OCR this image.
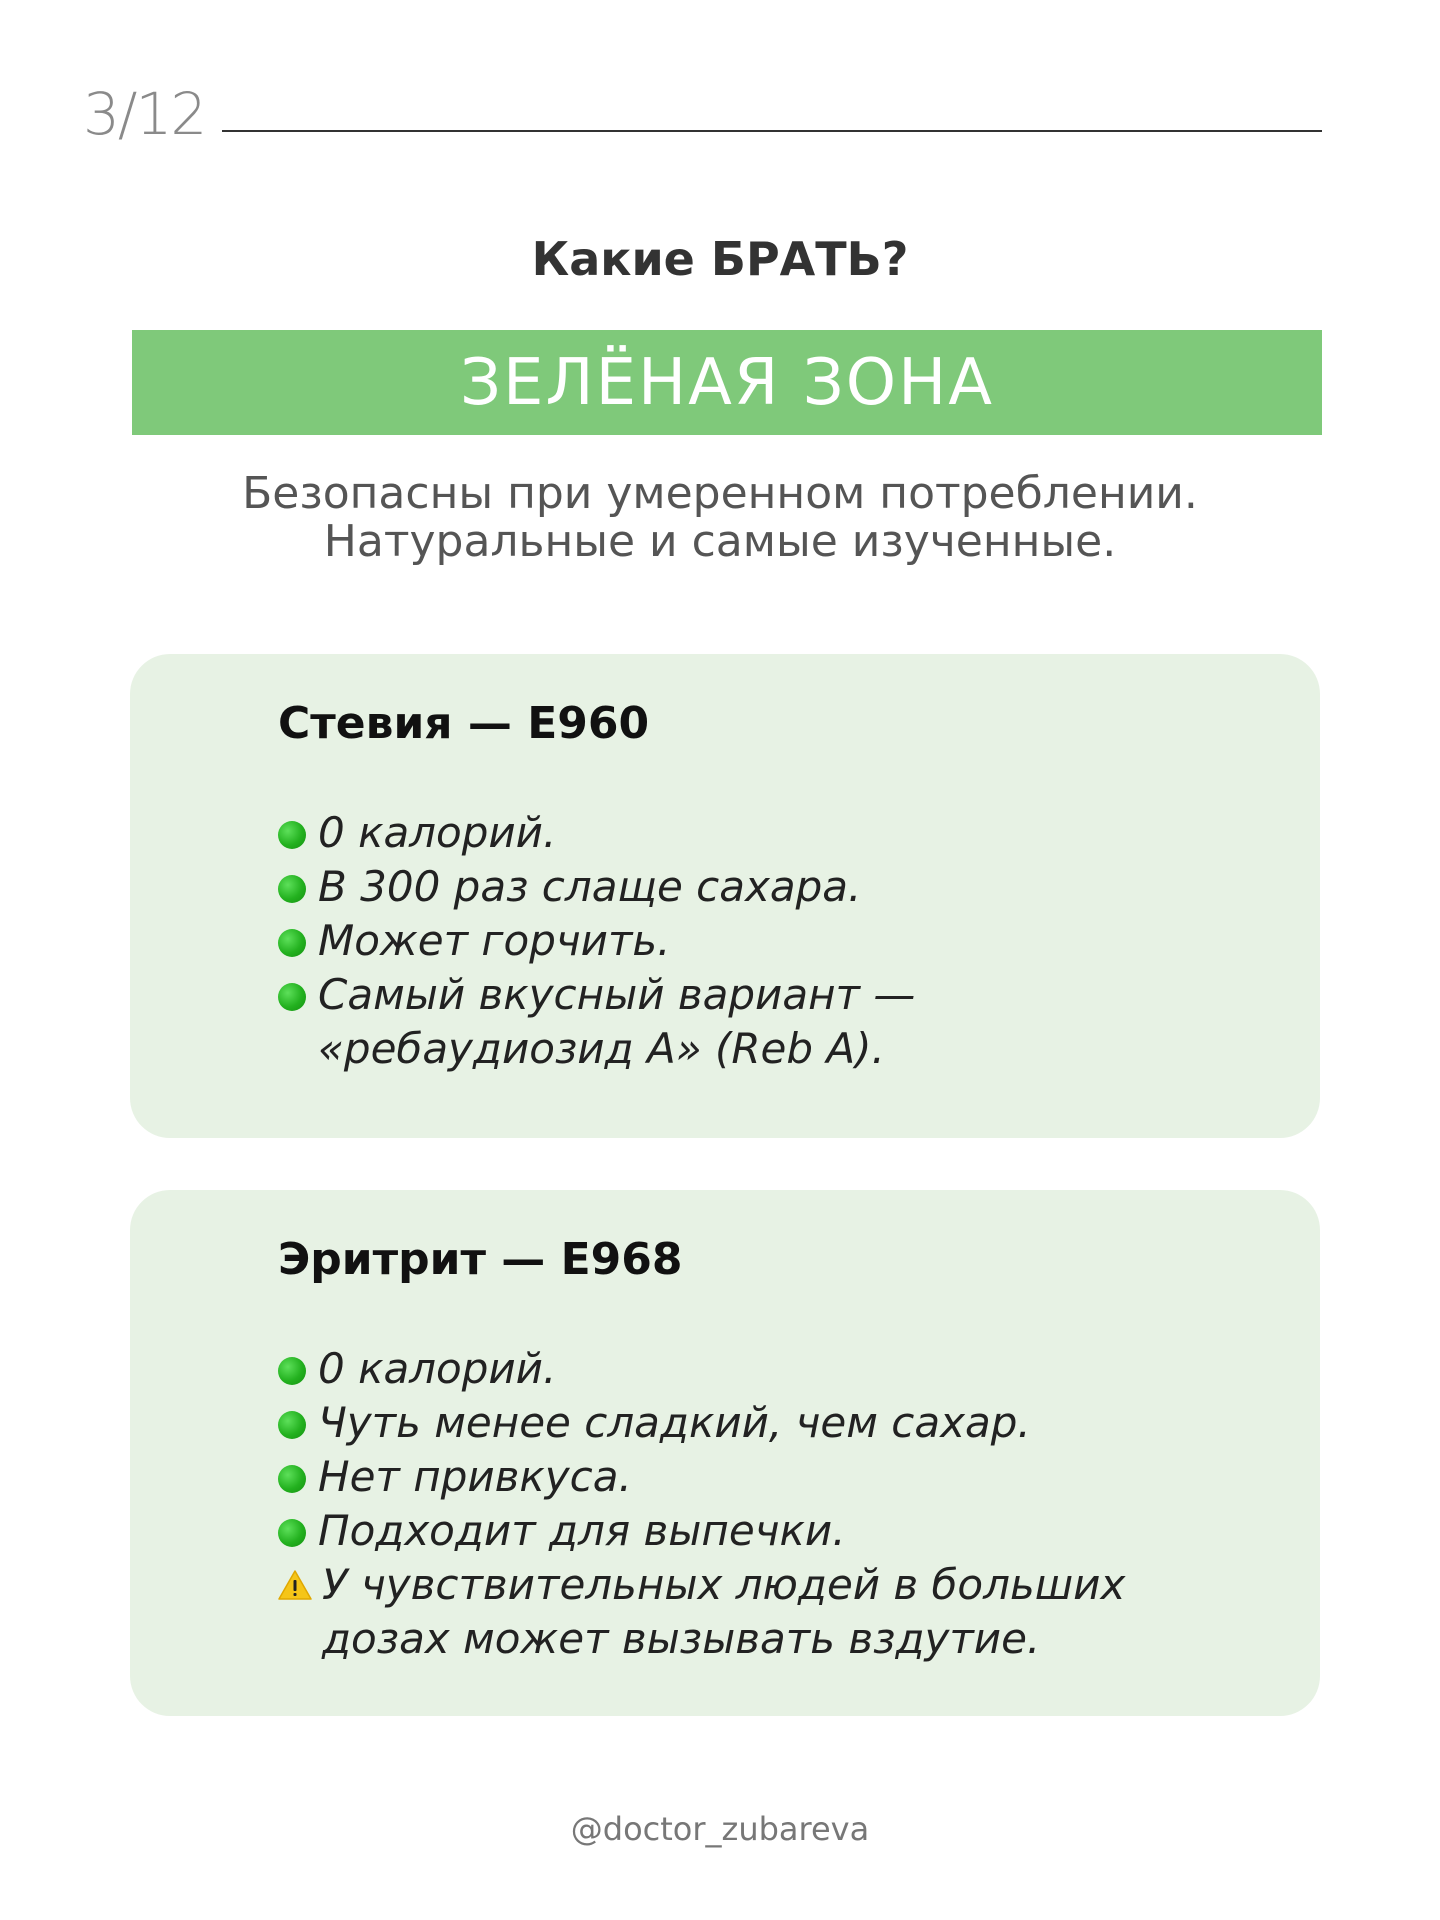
3/12
Какие БРАТЬ?
ЗЕЛЁНАЯ ЗОНА
Безопасны при умеренном потреблении.
Натуральные и самые изученные.
Стевия — Е960
0 калорий.
В 300 раз слаще сахара.
Может горчить.
Самый вкусный вариант — «ребаудиозид А» (Reb A).
Эритрит — Е968
0 калорий.
Чуть менее сладкий, чем сахар.
Нет привкуса.
Подходит для выпечки.
У чувствительных людей в больших дозах может вызывать вздутие.
@doctor_zubareva
